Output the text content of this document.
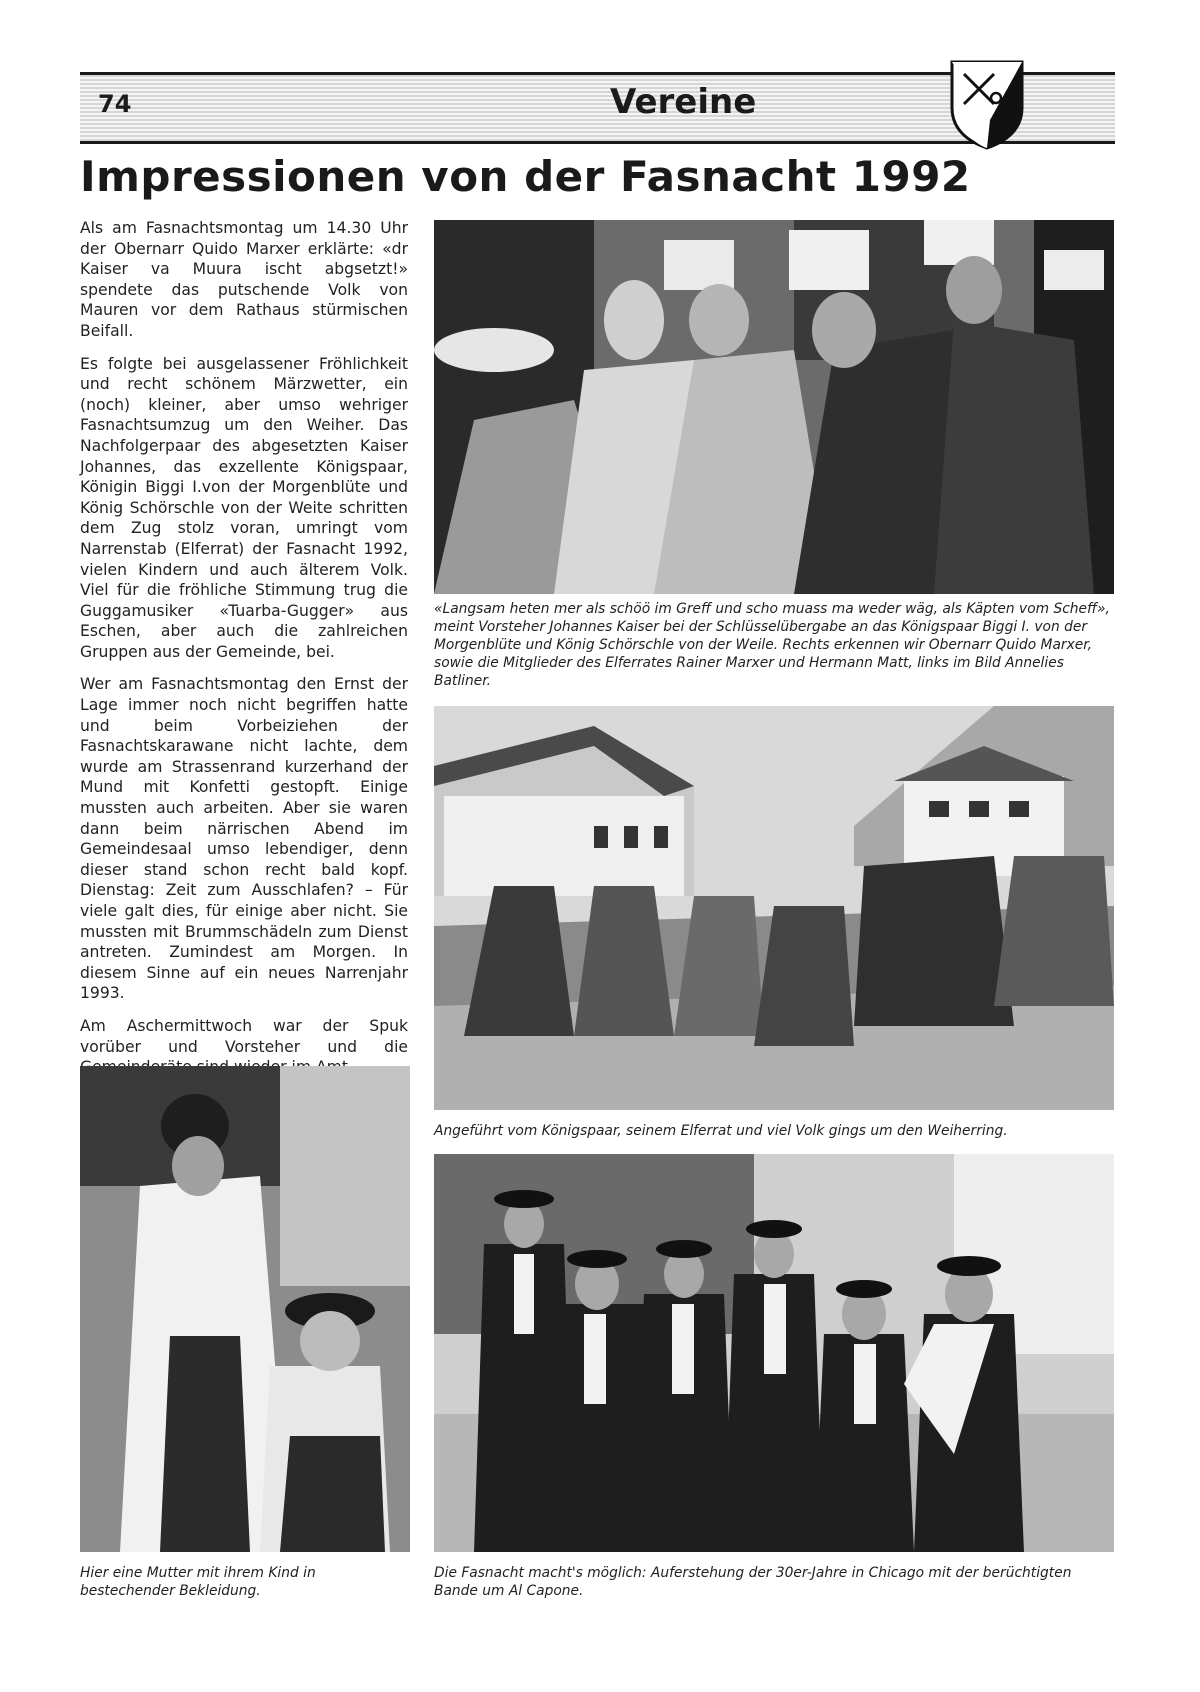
74	Vereine
Impressionen von der Fasnacht 1992

Als am Fasnachtsmontag um 14.30 Uhr der Obernarr Quido Marxer erklärte: «dr Kaiser va Muura ischt abgsetzt!» spendete das putschende Volk von Mauren vor dem Rathaus stürmischen Beifall.

Es folgte bei ausgelassener Fröhlichkeit und recht schönem Märzwetter, ein (noch) kleiner, aber umso wehriger Fasnachtsumzug um den Weiher. Das Nachfolgerpaar des abgesetzten Kaiser Johannes, das exzellente Königspaar, Königin Biggi I.von der Morgenblüte und König Schörschle von der Weite schritten dem Zug stolz voran, umringt vom Narrenstab (Elferrat) der Fasnacht 1992, vielen Kindern und auch älterem Volk. Viel für die fröhliche Stimmung trug die Guggamusiker «Tuarba-Gugger» aus Eschen, aber auch die zahlreichen Gruppen aus der Gemeinde, bei.

Wer am Fasnachtsmontag den Ernst der Lage immer noch nicht begriffen hatte und beim Vorbeiziehen der Fasnachtskarawane nicht lachte, dem wurde am Strassenrand kurzerhand der Mund mit Konfetti gestopft. Einige mussten auch arbeiten. Aber sie waren dann beim närrischen Abend im Gemeindesaal umso lebendiger, denn dieser stand schon recht bald kopf. Dienstag: Zeit zum Ausschlafen? – Für viele galt dies, für einige aber nicht. Sie mussten mit Brummschädeln zum Dienst antreten. Zumindest am Morgen. In diesem Sinne auf ein neues Narrenjahr 1993.

Am Aschermittwoch war der Spuk vorüber und Vorsteher und die

«Langsam heten mer als schöö im Greff und scho muass ma weder wäg, als Käpten vom Scheff», meint Vorsteher Johannes Kaiser bei der Schlüsselübergabe an das Königspaar Biggi I. von der Morgenblüte und König Schörschle von der Weile. Rechts erkennen wir Obernarr Quido Marxer, sowie die Mitglieder des Elferrates Rainer Marxer und Hermann Matt, links im Bild Annelies Batliner.
Angeführt vom Königspaar, seinem Elferrat und viel Volk gings um den Weiherring.
Hier eine Mutter mit ihrem Kind in bestechender Bekleidung.
Die Fasnacht macht's möglich: Auferstehung der 30er-Jahre in Chicago mit der berüchtigten Bande um Al Capone.
